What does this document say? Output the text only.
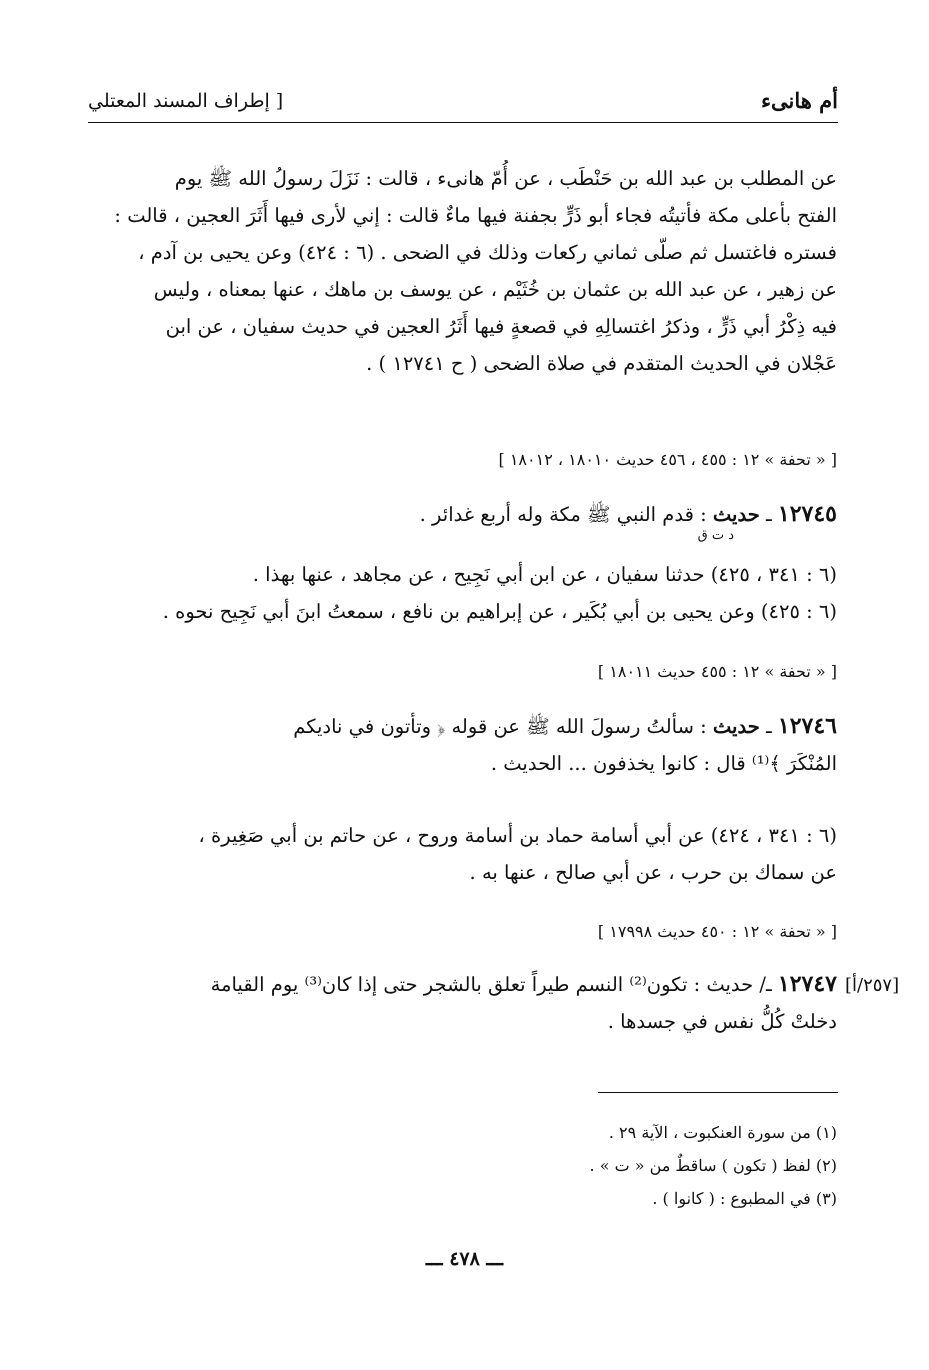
أم هانىء
[ إطراف المسند المعتلي
عن المطلب بن عبد الله بن حَنْطَب ، عن أُمّ هانىء ، قالت : نَزَلَ رسولُ الله ﷺ يوم
الفتح بأعلى مكة فأتيتُه فجاء أبو ذَرٍّ بجفنة فيها ماءٌ قالت : إني لأرى فيها أَثَرَ العجين ، قالت :
فستره فاغتسل ثم صلّى ثماني ركعات وذلك في الضحى . (٦ : ٤٢٤) وعن يحيى بن آدم ،
عن زهير ، عن عبد الله بن عثمان بن خُثَيْم ، عن يوسف بن ماهك ، عنها بمعناه ، وليس
فيه ذِكْرُ أبي ذَرٍّ ، وذكرُ اغتسالِهِ في قصعةٍ فيها أَثَرُ العجين في حديث سفيان ، عن ابن
عَجْلان في الحديث المتقدم في صلاة الضحى ( ح ١٢٧٤١ ) .
[ « تحفة » ١٢ : ٤٥٥ ، ٤٥٦ حديث ١٨٠١٠ ، ١٨٠١٢ ]
١٢٧٤٥ ـ حديث : قدم النبي ﷺ مكة وله أربع غدائر .
د ت ق
(٦ : ٣٤١ ، ٤٢٥) حدثنا سفيان ، عن ابن أبي نَجِيح ، عن مجاهد ، عنها بهذا .
(٦ : ٤٢٥) وعن يحيى بن أبي بُكَير ، عن إبراهيم بن نافع ، سمعتُ ابنَ أبي نَجِيح نحوه .
[ « تحفة » ١٢ : ٤٥٥ حديث ١٨٠١١ ]
١٢٧٤٦ ـ حديث : سألتُ رسولَ الله ﷺ عن قوله ﴿ وتأتون في ناديكم
المُنْكَرَ ﴾⁽¹⁾ قال : كانوا يخذفون ... الحديث .
(٦ : ٣٤١ ، ٤٢٤) عن أبي أسامة حماد بن أسامة وروح ، عن حاتم بن أبي صَغِيرة ،
عن سماك بن حرب ، عن أبي صالح ، عنها به .
[ « تحفة » ١٢ : ٤٥٠ حديث ١٧٩٩٨ ]
[٢٥٧/أ]
١٢٧٤٧ ـ/ حديث : تكون⁽²⁾ النسم طيراً تعلق بالشجر حتى إذا كان⁽³⁾ يوم القيامة
دخلتْ كُلُّ نفس في جسدها .
(١) من سورة العنكبوت ، الآية ٢٩ .
(٢) لفظ ( تكون ) ساقطٌ من « ت » .
(٣) في المطبوع : ( كانوا ) .
ـــ ٤٧٨ ـــ
